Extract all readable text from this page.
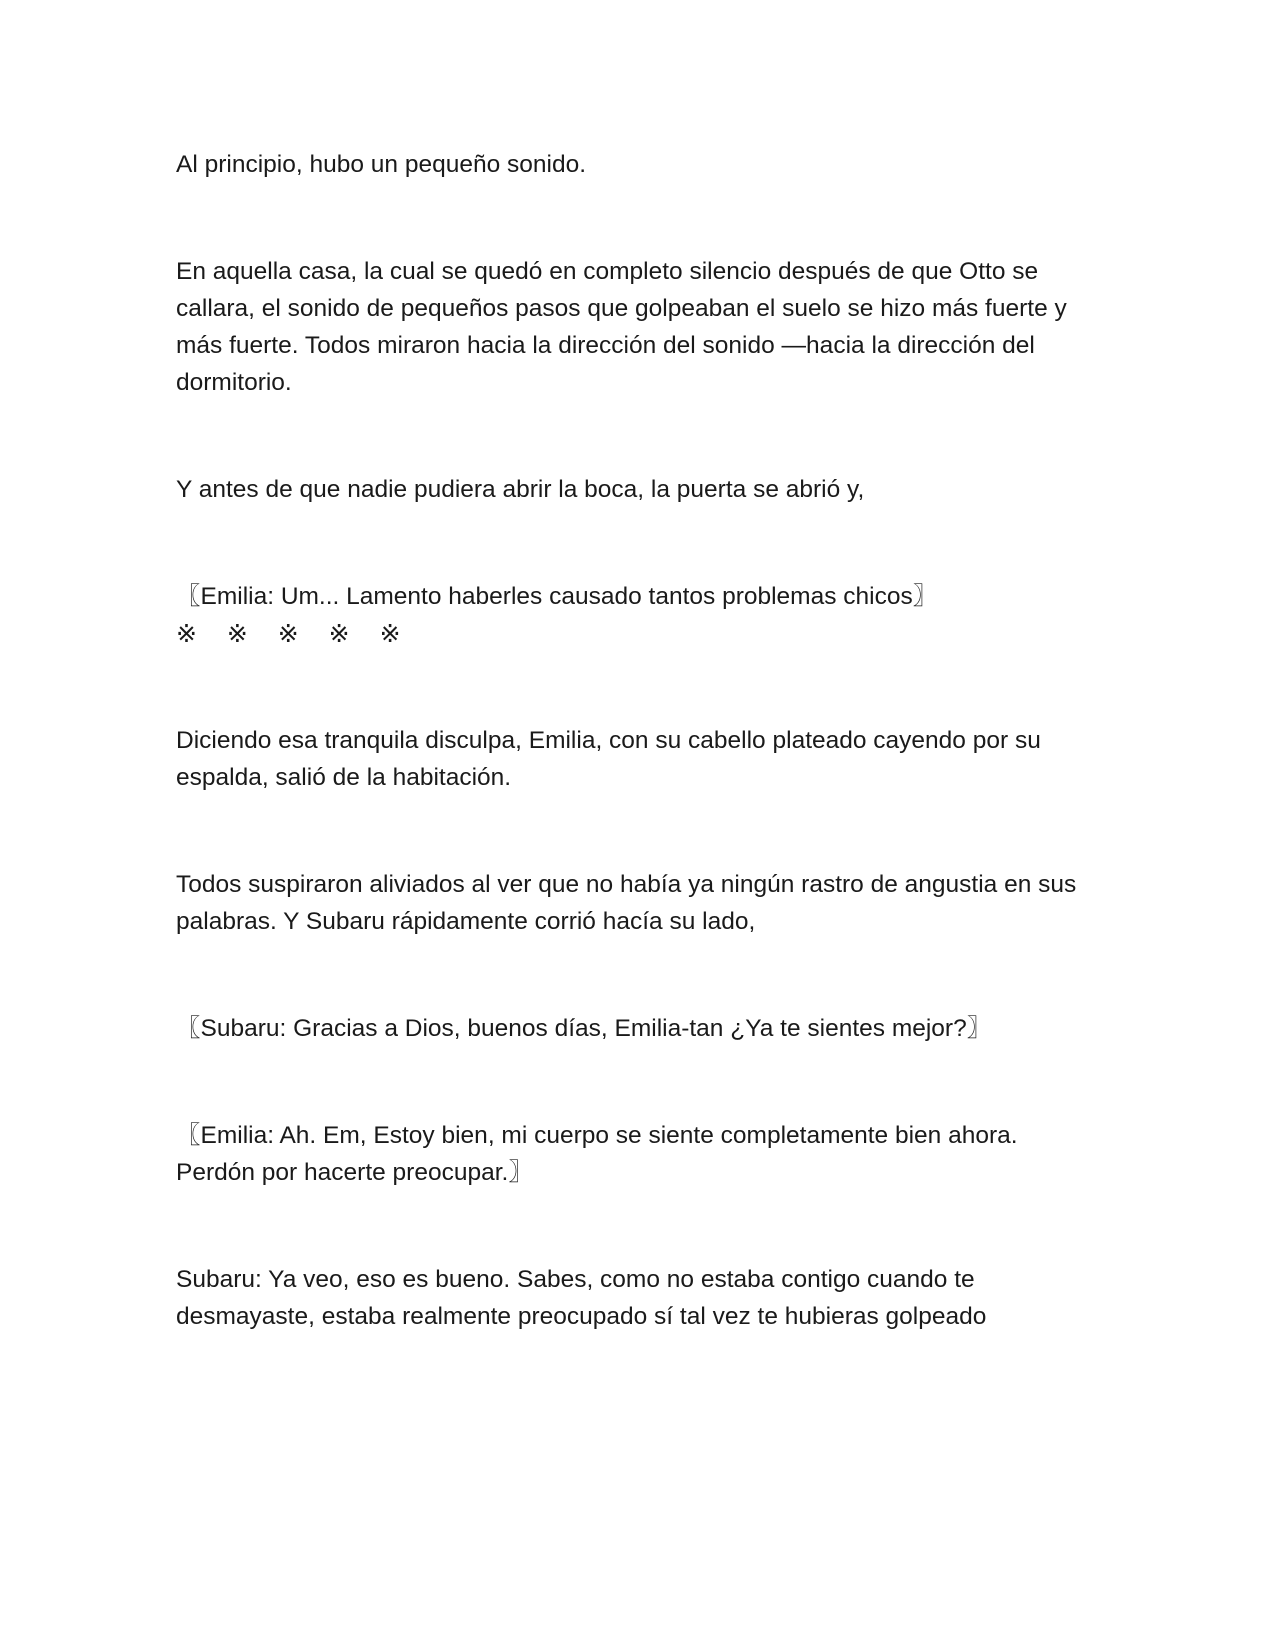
Al principio, hubo un pequeño sonido.

En aquella casa, la cual se quedó en completo silencio después de que Otto se callara, el sonido de pequeños pasos que golpeaban el suelo se hizo más fuerte y más fuerte. Todos miraron hacia la dirección del sonido —hacia la dirección del dormitorio.

Y antes de que nadie pudiera abrir la boca, la puerta se abrió y,

〖Emilia: Um... Lamento haberles causado tantos problemas chicos〗

※ ※ ※ ※ ※

Diciendo esa tranquila disculpa, Emilia, con su cabello plateado cayendo por su espalda, salió de la habitación.

Todos suspiraron aliviados al ver que no había ya ningún rastro de angustia en sus palabras. Y Subaru rápidamente corrió hacía su lado,

〖Subaru: Gracias a Dios, buenos días, Emilia-tan ¿Ya te sientes mejor?〗

〖Emilia: Ah. Em, Estoy bien, mi cuerpo se siente completamente bien ahora. Perdón por hacerte preocupar.〗

Subaru: Ya veo, eso es bueno. Sabes, como no estaba contigo cuando te desmayaste, estaba realmente preocupado sí tal vez te hubieras golpeado
